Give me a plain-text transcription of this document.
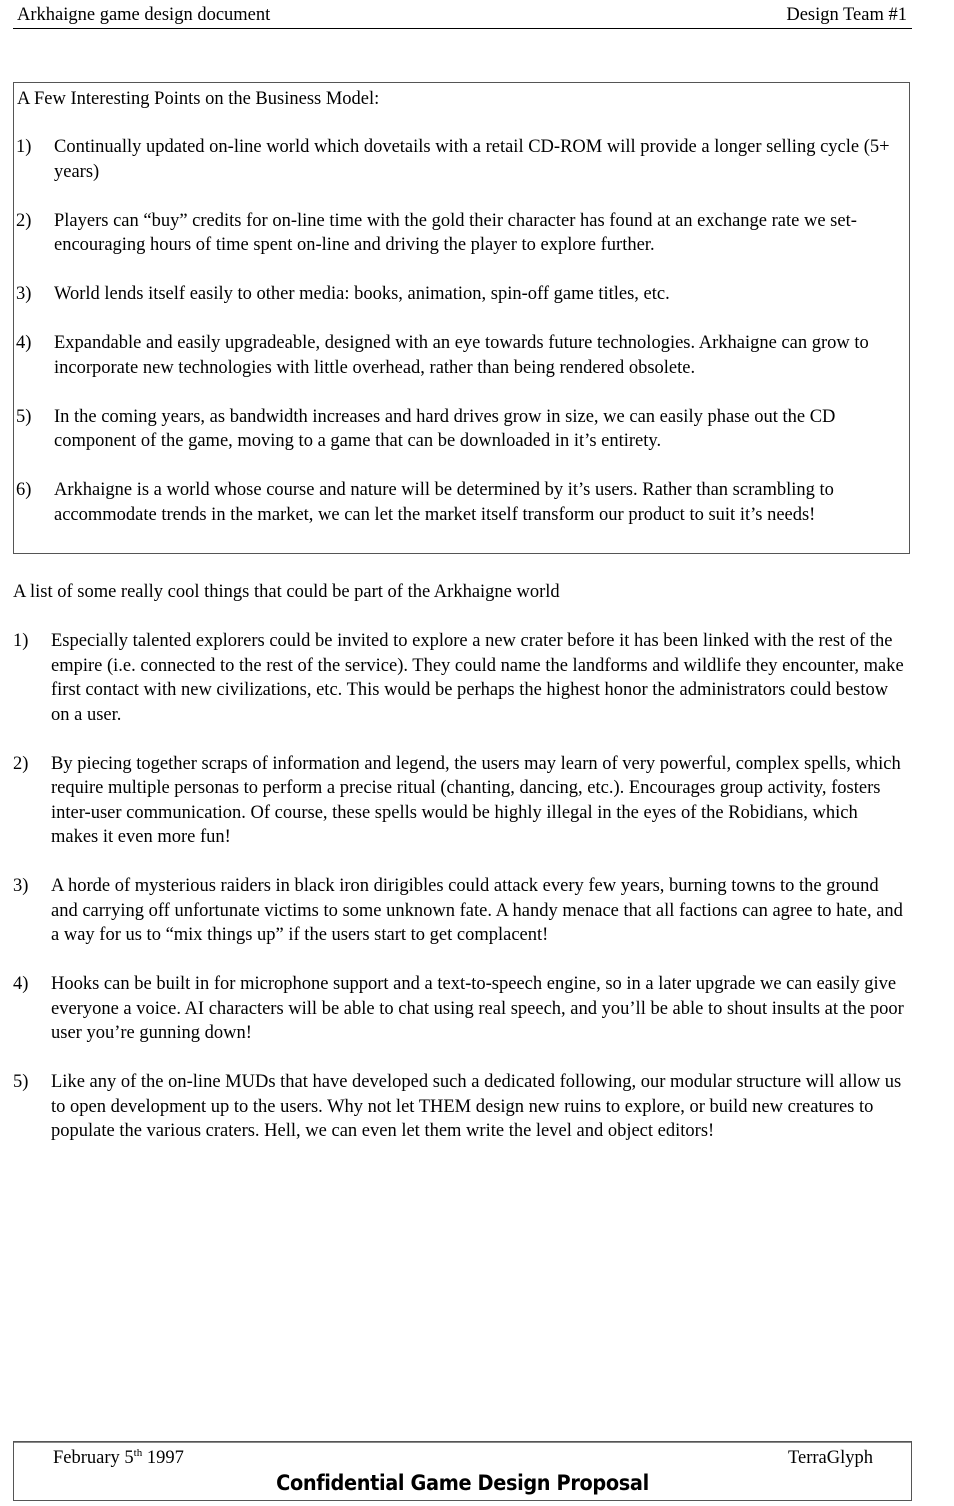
Arkhaigne game design document	Design Team #1
A Few Interesting Points on the Business Model:
1) Continually updated on-line world which dovetails with a retail CD-ROM will provide a longer selling cycle (5+ years)
2) Players can “buy” credits for on-line time with the gold their character has found at an exchange rate we set- encouraging hours of time spent on-line and driving the player to explore further.
3) World lends itself easily to other media: books, animation, spin-off game titles, etc.
4) Expandable and easily upgradeable, designed with an eye towards future technologies. Arkhaigne can grow to incorporate new technologies with little overhead, rather than being rendered obsolete.
5) In the coming years, as bandwidth increases and hard drives grow in size, we can easily phase out the CD component of the game, moving to a game that can be downloaded in it’s entirety.
6) Arkhaigne is a world whose course and nature will be determined by it’s users. Rather than scrambling to accommodate trends in the market, we can let the market itself transform our product to suit it’s needs!
A list of some really cool things that could be part of the Arkhaigne world
1) Especially talented explorers could be invited to explore a new crater before it has been linked with the rest of the empire (i.e. connected to the rest of the service). They could name the landforms and wildlife they encounter, make first contact with new civilizations, etc. This would be perhaps the highest honor the administrators could bestow on a user.
2) By piecing together scraps of information and legend, the users may learn of very powerful, complex spells, which require multiple personas to perform a precise ritual (chanting, dancing, etc.). Encourages group activity, fosters inter-user communication. Of course, these spells would be highly illegal in the eyes of the Robidians, which makes it even more fun!
3) A horde of mysterious raiders in black iron dirigibles could attack every few years, burning towns to the ground and carrying off unfortunate victims to some unknown fate. A handy menace that all factions can agree to hate, and a way for us to “mix things up” if the users start to get complacent!
4) Hooks can be built in for microphone support and a text-to-speech engine, so in a later upgrade we can easily give everyone a voice. AI characters will be able to chat using real speech, and you’ll be able to shout insults at the poor user you’re gunning down!
5) Like any of the on-line MUDs that have developed such a dedicated following, our modular structure will allow us to open development up to the users. Why not let THEM design new ruins to explore, or build new creatures to populate the various craters. Hell, we can even let them write the level and object editors!
February 5th 1997	TerraGlyph
Confidential Game Design Proposal
